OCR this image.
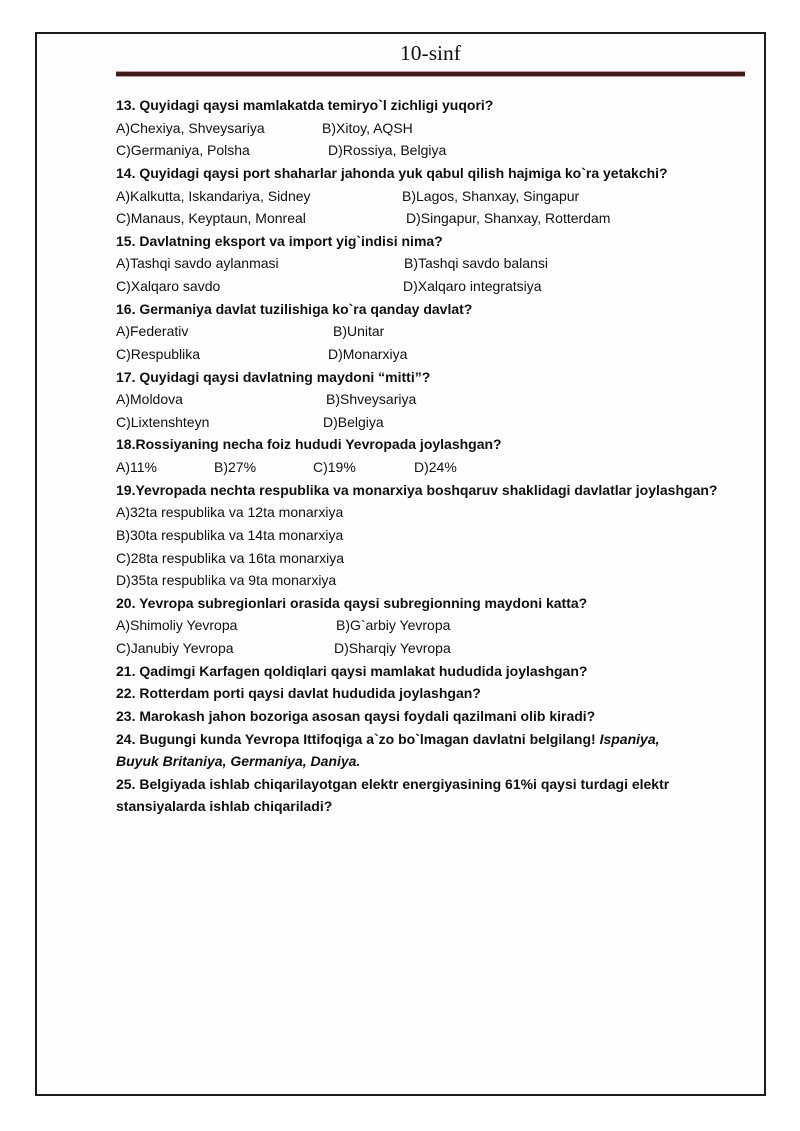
10-sinf
13. Quyidagi qaysi mamlakatda temiryo`l zichligi yuqori?
A)Chexiya, Shveysariya	B)Xitoy, AQSH
C)Germaniya, Polsha	D)Rossiya, Belgiya
14. Quyidagi qaysi port shaharlar jahonda yuk qabul qilish hajmiga ko`ra yetakchi?
A)Kalkutta, Iskandariya, Sidney	B)Lagos, Shanxay, Singapur
C)Manaus, Keyptaun, Monreal	D)Singapur, Shanxay, Rotterdam
15. Davlatning eksport va import yig`indisi nima?
A)Tashqi savdo aylanmasi	B)Tashqi savdo balansi
C)Xalqaro savdo	D)Xalqaro integratsiya
16. Germaniya davlat tuzilishiga ko`ra qanday davlat?
A)Federativ	B)Unitar
C)Respublika	D)Monarxiya
17. Quyidagi qaysi davlatning maydoni “mitti”?
A)Moldova	B)Shveysariya
C)Lixtenshteyn	D)Belgiya
18.Rossiyaning necha foiz hududi Yevropada joylashgan?
A)11%	B)27%	C)19%	D)24%
19.Yevropada nechta respublika va monarxiya boshqaruv shaklidagi davlatlar joylashgan?
A)32ta respublika va 12ta monarxiya
B)30ta respublika va 14ta monarxiya
C)28ta respublika va 16ta monarxiya
D)35ta respublika va 9ta monarxiya
20. Yevropa subregionlari orasida qaysi subregionning maydoni katta?
A)Shimoliy Yevropa	B)G`arbiy Yevropa
C)Janubiy Yevropa	D)Sharqiy Yevropa
21. Qadimgi Karfagen qoldiqlari qaysi mamlakat hududida joylashgan?
22. Rotterdam porti qaysi davlat hududida joylashgan?
23. Marokash jahon bozoriga asosan qaysi foydali qazilmani olib kiradi?
24. Bugungi kunda Yevropa Ittifoqiga a`zo bo`lmagan davlatni belgilang! Ispaniya,
Buyuk Britaniya, Germaniya, Daniya.
25. Belgiyada ishlab chiqarilayotgan elektr energiyasining 61%i qaysi turdagi elektr
stansiyalarda ishlab chiqariladi?
